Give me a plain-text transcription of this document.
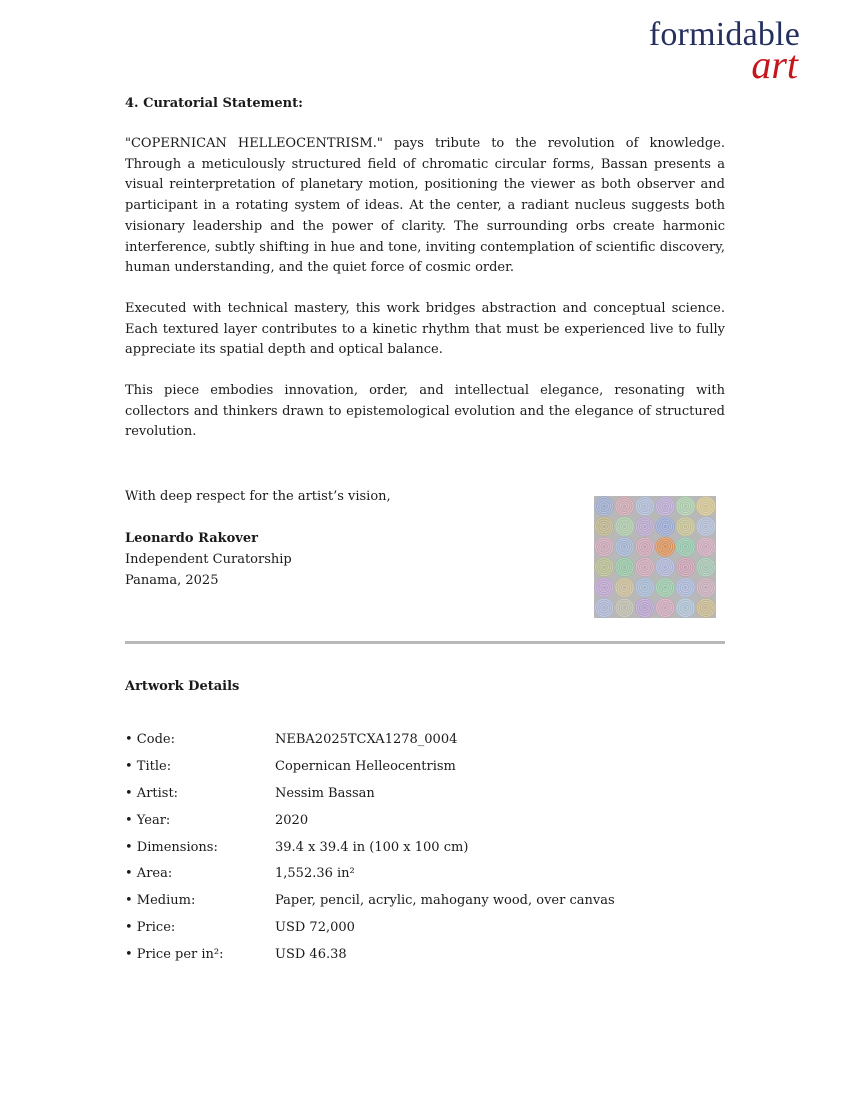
formidable
art

4. Curatorial Statement:

"COPERNICAN HELLEOCENTRISM." pays tribute to the revolution of knowledge. Through a meticulously structured field of chromatic circular forms, Bassan presents a visual reinterpretation of planetary motion, positioning the viewer as both observer and participant in a rotating system of ideas. At the center, a radiant nucleus suggests both visionary leadership and the power of clarity. The surrounding orbs create harmonic interference, subtly shifting in hue and tone, inviting contemplation of scientific discovery, human understanding, and the quiet force of cosmic order.

Executed with technical mastery, this work bridges abstraction and conceptual science. Each textured layer contributes to a kinetic rhythm that must be experienced live to fully appreciate its spatial depth and optical balance.

This piece embodies innovation, order, and intellectual elegance, resonating with collectors and thinkers drawn to epistemological evolution and the elegance of structured revolution.

With deep respect for the artist’s vision,
Leonardo Rakover
Independent Curatorship
Panama, 2025
Artwork Details
• Code:	NEBA2025TCXA1278_0004
• Title:	Copernican Helleocentrism
• Artist:	Nessim Bassan
• Year:	2020
• Dimensions:	39.4 x 39.4 in (100 x 100 cm)
• Area:	1,552.36 in²
• Medium:	Paper, pencil, acrylic, mahogany wood, over canvas
• Price:	USD 72,000
• Price per in²:	USD 46.38
